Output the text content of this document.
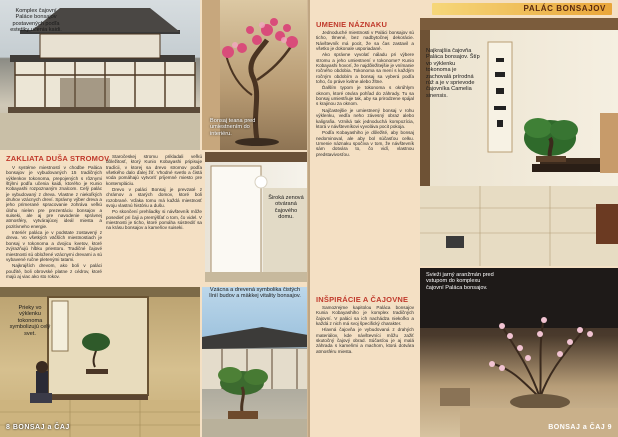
Komplex čajovní Paláce bonsajov postavených podľa estetiky učenia kaidi.
Bonsaj teana pred umiestnením do interiéru.
ZAKLIATA DUŠA STROMOV

V systéme miestností v chodbe Paláca bonsajov je vybudovaných 15 tradičných výklenkov tokonoma, prepojených s rôznymi štýlmi podľa učenia kaidi, ktorého je Kunio Kobayashi rozpoznaným znalcom. Celý palác je vybudovaný z dreva. Vlastne z niekoľkých druhov vzácnych dreví. Správny výber dreva a jeho primerané spracovanie zohráva veľkú úlohu nielen pre prezentáciu bonsajov a suiseki, ale aj pre navodenie správnej atmosféry, vytvárajúcej ideál miesta a pozitívneho energie.

Interiér paláca je v podstate zostavený z dreva. Vo všetkých väčších miestnostiach je bonsaj v tokonoma a dvojicu kvetov, ktoré zvýrazňujú hĺbku priestoru. Tradičné čajové miestnosti sú obložené vzácnymi drevami a sú vybavené ručne pletenými tatami.

Najkrajších drevom, ako boli v paláci použité, boli obrovské platne z cédrov, ktoré majú aj viac ako sto rokov.

Staročeskej stromu prikladali veľkú dôležitosť, ktorý Kunio Kobayashi pripisuje tradícii, v ktorej sa drevo stromov podľa všetkého dalo ďalej žiť. Vhodné svetlo a čistá voda pomáhajú vytvoriť príjemné miesto pre kontempláciu.

Drevo v paláci Bonsaj je prevzaté z chrámov a starých domov, ktoré boli rozobrané. Vďaka tomu má každá miestnosť svoju vlastnú históriu a dušu.

Po skončení prehliadky si návštevník môže posedieť pri čaji a premýšľať o tom, čo videl. V miestnosti je ticho, ktoré pomáha sústrediť sa na krásu bonsajov a kameňov suiseki.

Široká zenová otváraná čajového domu.
Prieky vo výklenku tokonoma symbolizujú celý svet.
Vzácna a drevená symbolika čistých línií budov a mäkkej vitality bonsajov.
8 BONSAJ a ČAJ
UMENIE NÁZNAKU

Jednoduché miestnosti v Paláci bonsajov sú ticho, tlmené, bez nadbytočnej dekorácie. Návštevník má pocit, že sa čas zastavil a všetko je dokonale usporiadané.

Ako správne vyvolať náladu pri výbere stromu a jeho umiestnení v tokonome? Kunio Kobayashi hovorí, že najdôležitejšie je vnímanie ročného obdobia. Tokonoma sa mení s každým ročným obdobím a bonsaj sa vyberá podľa toho, čo práve kvitne alebo žltne.

Ďalším typom je tokonoma s okrúhlym oknom, ktoré otvára pohľad do záhrady. Tu sa bonsaj umiestňuje tak, aby sa prirodzene spájal s krajinou za oknom.

Najčastejšie je umiestnený bonsaj v rohu výklenku, vedľa neho závesný obraz alebo kaligrafia. Vzniká tak jednoduchá kompozícia, ktorá v návštevníkovi vyvoláva pocit pokoja.

Podľa Kobayashiho je dôležité, aby bonsaj nedominoval, ale aby bol súčasťou celku. Umenie náznaku spočíva v tom, že návštevník sám dotvára to, čo vidí, vlastnou predstavivosťou.

INŠPIRÁCIE A ČAJOVNE

Samozrejme kapitolou Paláca bonsajov Kunia Kobayashiho je komplex tradičných čajovní. V paláci sa ich nachádza niekoľko a každá z nich má svoj špecifický charakter.

Hlavná čajovňa je vybudovaná z drahých materiálov, kde návštevníci môžu zažiť skutočný čajový obrad. Súčasťou je aj malá záhrada s kameňmi a machom, ktorá dotvára atmosféru miesta.

PALÁC BONSAJOV
Najkrajšia čajovňa Paláca bonsajov. Štíp vo výklenku tokonoma je zachovalá prírodná rúž a je v sprievode čajovníka Camelia sinensis.
Svieži jarný aranžmán pred vstupom do komplexu čajovní Paláca bonsajov.
BONSAJ a ČAJ 9
